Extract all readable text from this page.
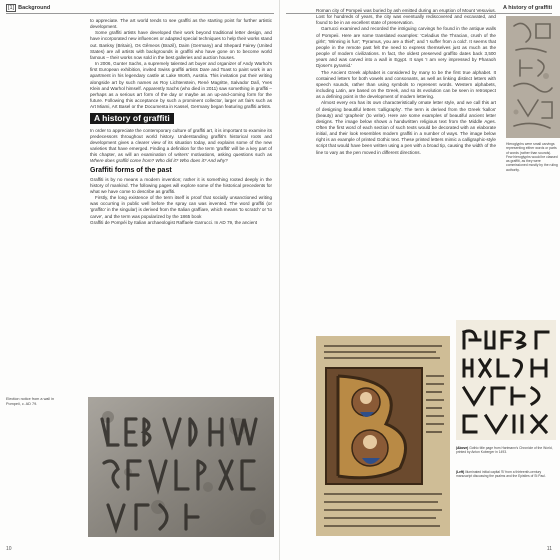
[1] Background

to appreciate. The art world tends to see graffiti as the starting point for further artistic development.

Some graffiti artists have developed their work beyond traditional letter design, and have incorporated new influences or adapted special techniques to help their works stand out. Banksy (Britain), Os Gêmeos (Brazil), Daim (Germany) and Shepard Fairey (United States) are all artists with backgrounds in graffiti who have gone on to become world famous – their works now sold in the best galleries and auction houses.

In 2006, Gunter Sachs, a supremely talented art buyer and organizer of Andy Warhol's first European exhibition, invited Swiss graffiti artists Dare and Toast to paint work in an apartment in his legendary castle at Lake Worth, Austria. This invitation put their writing alongside art by such names as Roy Lichtenstein, René Magritte, Salvador Dalí, Yves Klein and Warhol himself. Apparently Sachs (who died in 2011) saw something in graffiti – perhaps as a serious art form of the day or maybe as an up-and-coming form for the future. Following this acceptance by such a prominent collector, larger art fairs such as Art Miami, Art Basel or the Documenta in Kassel, Germany began featuring graffiti artists.

A history of graffiti

In order to appreciate the contemporary culture of graffiti art, it is important to examine its predecessors throughout world history. Understanding graffiti's historical roots and development gives a clearer view of its situation today, and explains some of the new varieties that have emerged. Finding a definition for the term 'graffiti' will be a key part of this chapter, as will an examination of writers' motivations, asking questions such as Where does graffiti come from? Who did it? Who does it? And why?

Graffiti forms of the past

Graffiti is by no means a modern invention; rather it is something rooted deeply in the history of mankind. The following pages will explore some of the historical precedents for what we have come to describe as graffiti.

Firstly, the long existence of the term itself is proof that socially unsanctioned writing was occurring in public well before the spray can was invented. The word graffiti (or 'graffito' in the singular) is derived from the Italian graffiare, which means 'to scratch' or 'to carve', and the term was popularized by the 1865 book

Graffiti de Pompéi by Italian archaeologist Raffaele Garrucci. In AD 79, the ancient

Election notice from a wall in Pompeii, c. AD 79.
10
A history of graffiti

Roman city of Pompeii was buried by ash emitted during an eruption of Mount Vesuvius. Lost for hundreds of years, the city was eventually rediscovered and excavated, and found to be in an excellent state of preservation.

Garrucci examined and recorded the intriguing carvings he found in the antique walls of Pompeii. Here are some translated examples: 'Celadius the Thracian, crush of the girls'; 'Winning is fun'; 'Pyramus, you are a thief'; and 'I suffer from a cold'. It seems that people in the remote past felt the need to express themselves just as much as the people of modern civilizations. In fact, the oldest preserved graffito dates back 3,500 years and was carved into a wall in Egypt. It says 'I am very impressed by Pharaoh Djoser's pyramid.'

The Ancient Greek alphabet is considered by many to be the first true alphabet. It contained letters for both vowels and consonants, as well as linking distinct letters with speech sounds, rather than using symbols to represent words. Western alphabets, including Latin, are based on the Greek, and so its evolution can be seen in retrospect as a defining point in the development of modern lettering.

Almost every era has its own characteristically ornate letter style, and we call this art of designing beautiful letters 'calligraphy'. The term is derived from the Greek 'kallos' (beauty) and 'graphein' (to write). Here are some examples of beautiful ancient letter designs. The image below shows a handwritten religious text from the Middle Ages. Often the first word of each section of such texts would be decorated with an elaborate initial, and their look resembles modern graffiti in a number of ways. The image below right is an example of printed Gothic text. These printed letters mimic a calligraphic-style script that would have been written using a pen with a broad tip, causing the width of the line to vary as the pen moved in different directions.

Hieroglyphs were small carvings representing either words or parts of words (rather than sounds). Few hieroglyphs would be classed as graffiti, as they were commissioned mostly by the ruling authority.
(Above) Gothic title page from Hartmann's Chronicle of the World, printed by Anton Koberger in 1493.
(Left) Illuminated initial capital 'B' from a thirteenth-century manuscript discussing the psalms and the Epistles of St Paul.
11
